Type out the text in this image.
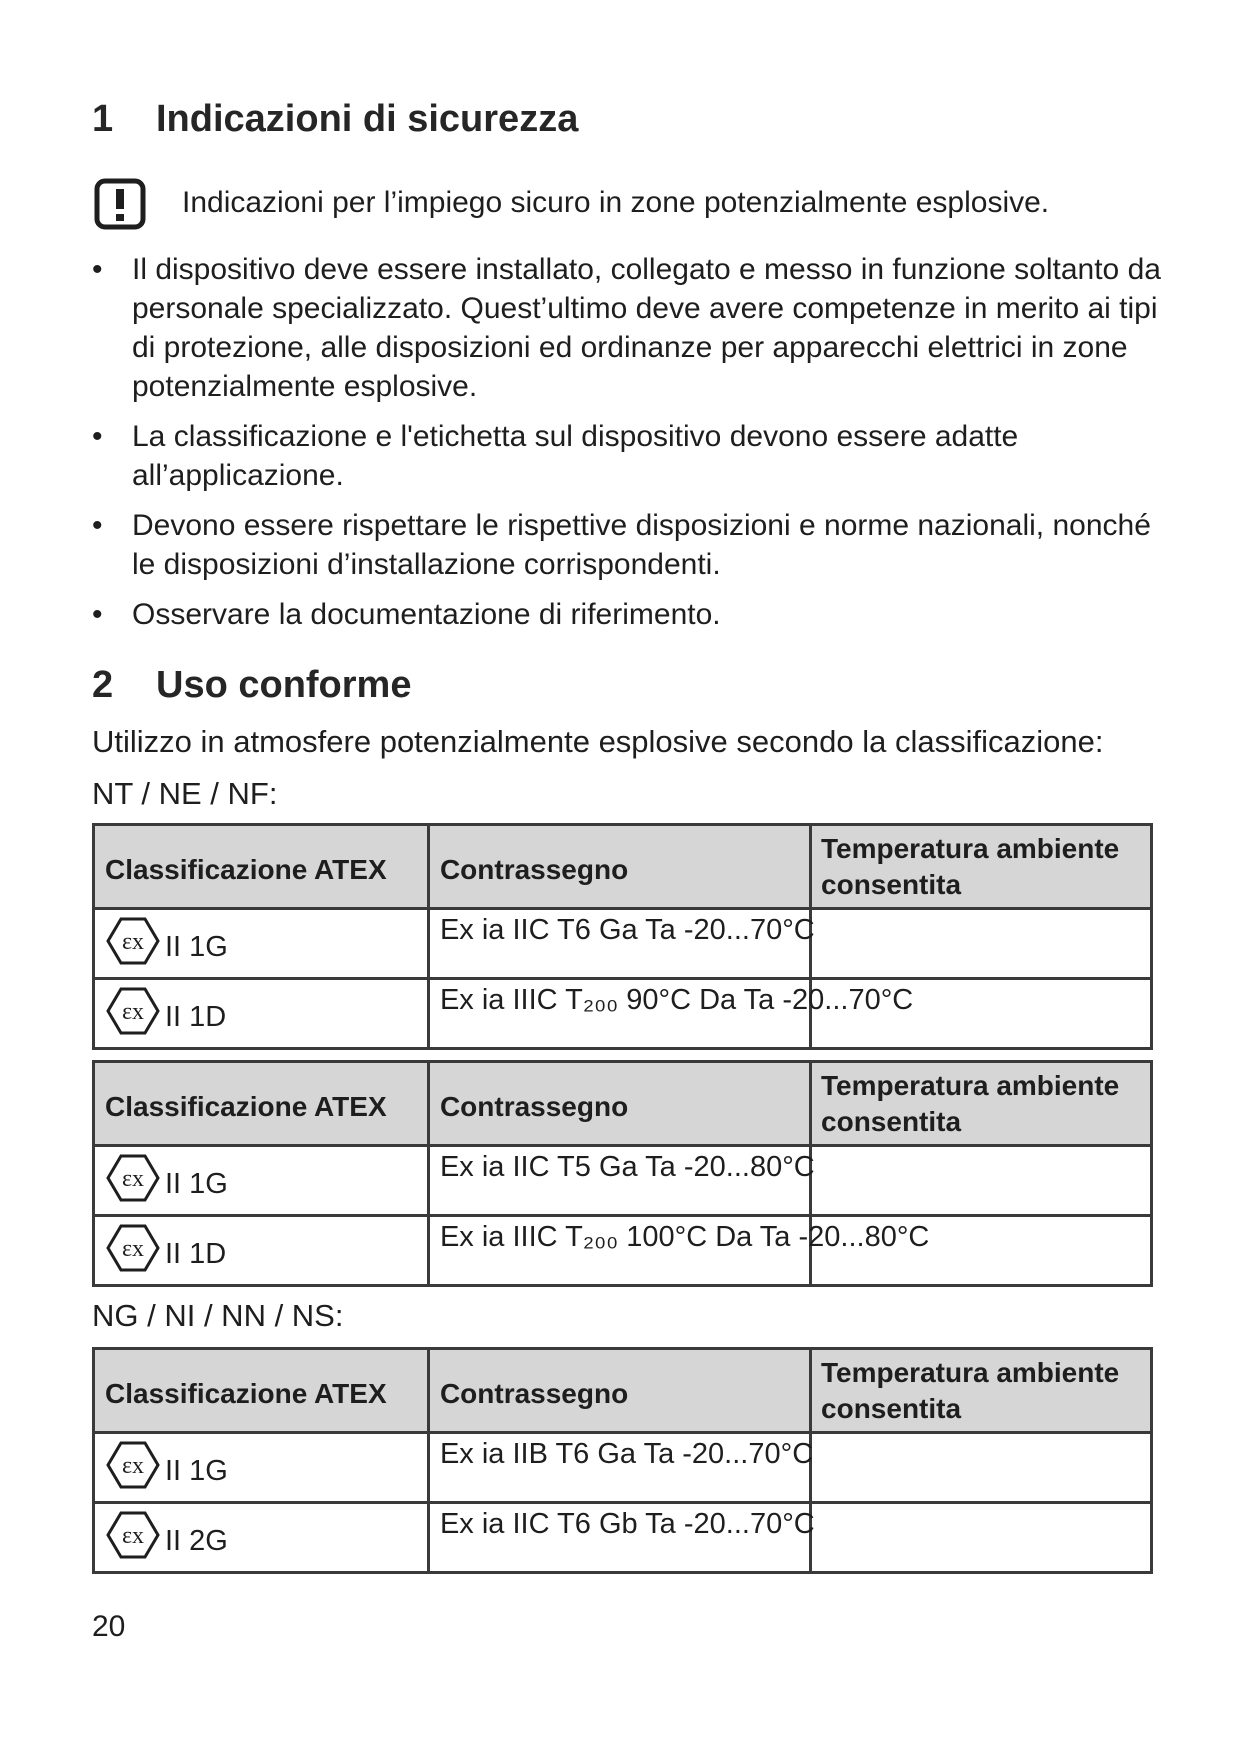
1 Indicazioni di sicurezza
Indicazioni per l’impiego sicuro in zone potenzialmente esplosive.
• Il dispositivo deve essere installato, collegato e messo in funzione soltanto da personale specializzato. Quest’ultimo deve avere competenze in merito ai tipi di protezione, alle disposizioni ed ordinanze per apparecchi elettrici in zone potenzialmente esplosive.
• La classificazione e l'etichetta sul dispositivo devono essere adatte all’applicazione.
• Devono essere rispettare le rispettive disposizioni e norme nazionali, nonché le disposizioni d’installazione corrispondenti.
• Osservare la documentazione di riferimento.
2 Uso conforme
Utilizzo in atmosfere potenzialmente esplosive secondo la classificazione:
NT / NE / NF:
Classificazione ATEX	Contrassegno	Temperatura ambiente consentita

εx II 1G	Ex ia IIC T6 Ga Ta -20...70°C	

εx II 1D	Ex ia IIIC T₂₀₀ 90°C Da Ta -20...70°C	

Classificazione ATEX	Contrassegno	Temperatura ambiente consentita

εx II 1G	Ex ia IIC T5 Ga Ta -20...80°C	

εx II 1D	Ex ia IIIC T₂₀₀ 100°C Da Ta -20...80°C	

NG / NI / NN / NS:
Classificazione ATEX	Contrassegno	Temperatura ambiente consentita

εx II 1G	Ex ia IIB T6 Ga Ta -20...70°C	

εx II 2G	Ex ia IIC T6 Gb Ta -20...70°C	

20
